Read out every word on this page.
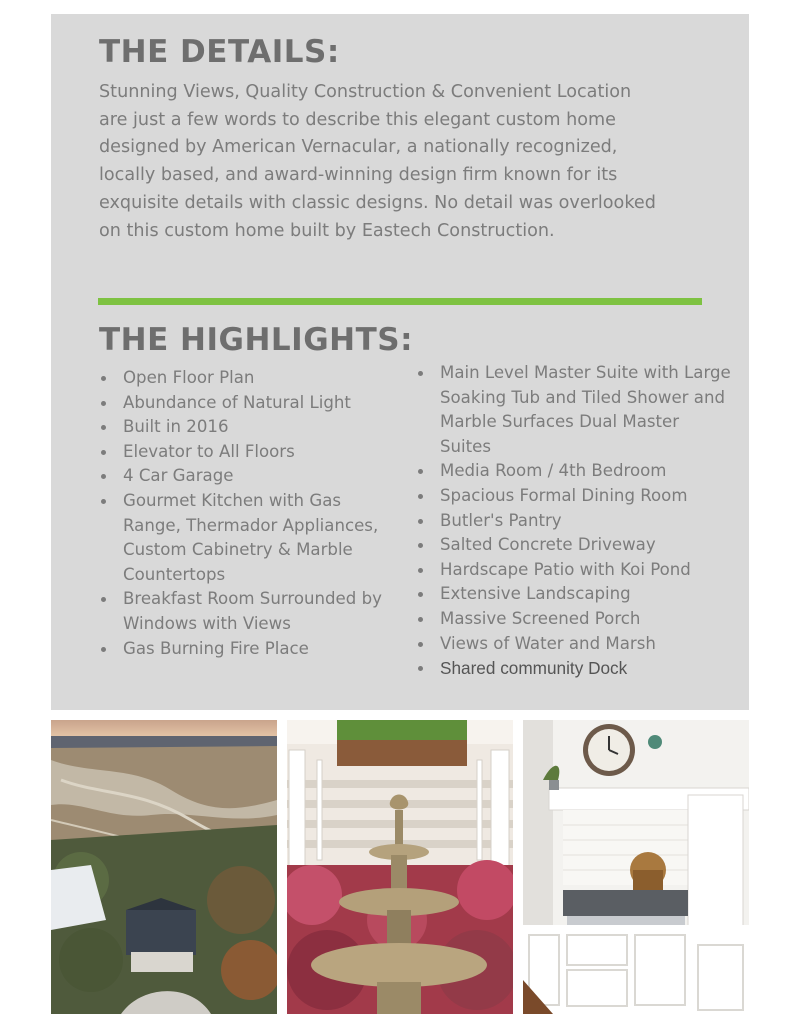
THE DETAILS:

Stunning Views, Quality Construction & Convenient Location are just a few words to describe this elegant custom home designed by American Vernacular, a nationally recognized, locally based, and award-winning design firm known for its exquisite details with classic designs. No detail was overlooked on this custom home built by Eastech Construction.

THE HIGHLIGHTS:
Open Floor Plan
Abundance of Natural Light
Built in 2016
Elevator to All Floors
4 Car Garage
Gourmet Kitchen with Gas Range, Thermador Appliances, Custom Cabinetry & Marble Countertops
Breakfast Room Surrounded by Windows with Views
Gas Burning Fire Place
Main Level Master Suite with Large Soaking Tub and Tiled Shower and Marble Surfaces Dual Master Suites
Media Room / 4th Bedroom
Spacious Formal Dining Room
Butler's Pantry
Salted Concrete Driveway
Hardscape Patio with Koi Pond
Extensive Landscaping
Massive Screened Porch
Views of Water and Marsh
Shared community Dock
